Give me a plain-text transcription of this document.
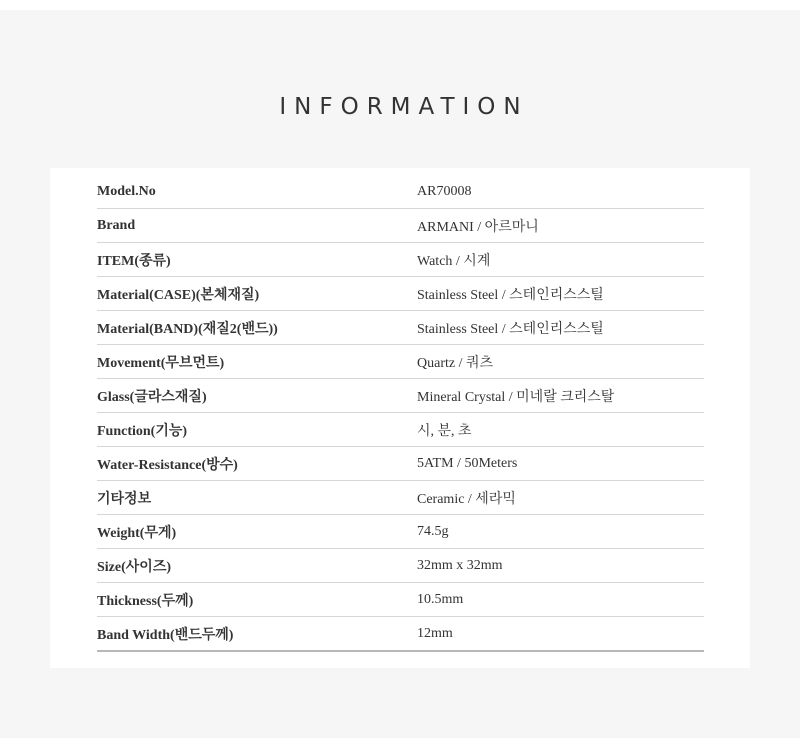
INFORMATION
Model.No	AR70008
Brand	ARMANI / 아르마니
ITEM(종류)	Watch / 시계
Material(CASE)(본체재질)	Stainless Steel / 스테인리스스틸
Material(BAND)(재질2(밴드))	Stainless Steel / 스테인리스스틸
Movement(무브먼트)	Quartz / 쿼츠
Glass(글라스재질)	Mineral Crystal / 미네랄 크리스탈
Function(기능)	시, 분, 초
Water-Resistance(방수)	5ATM / 50Meters
기타정보	Ceramic / 세라믹
Weight(무게)	74.5g
Size(사이즈)	32mm x 32mm
Thickness(두께)	10.5mm
Band Width(밴드두께)	12mm
